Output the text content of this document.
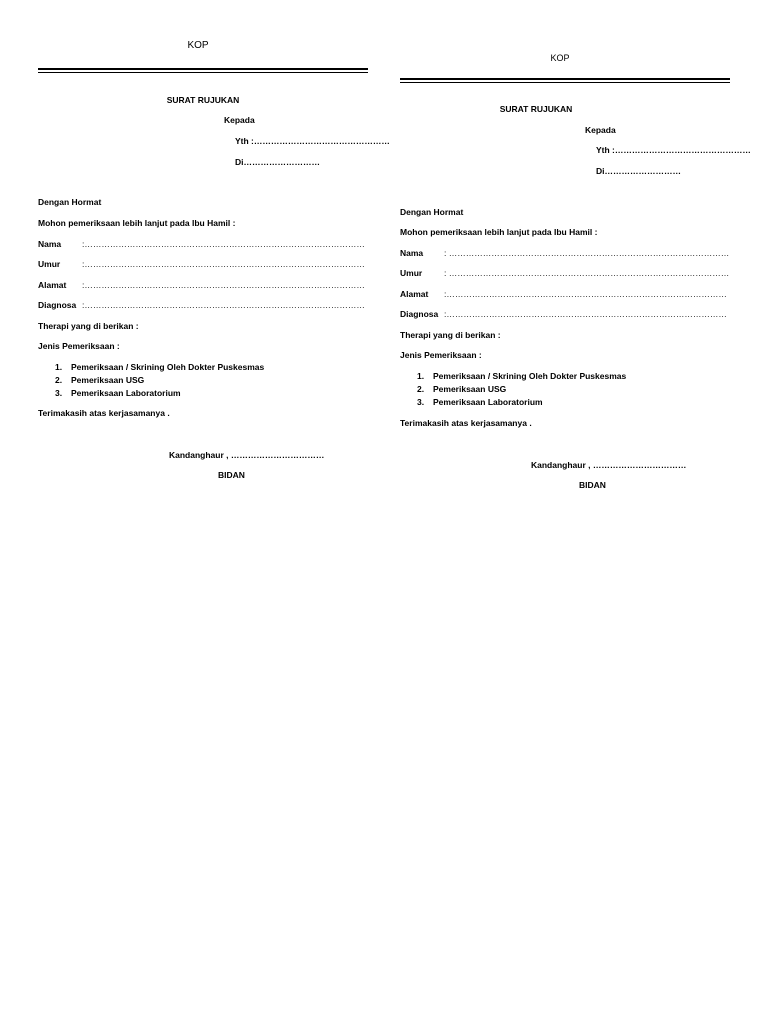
KOP
SURAT RUJUKAN
Kepada
Yth :…………………………………………
Di………………………
Dengan Hormat
Mohon pemeriksaan lebih lanjut pada Ibu Hamil :
Nama :………………………………………………………………………………………
Umur	:………………………………………………………………………………………
Alamat :………………………………………………………………………………………
Diagnosa :………………………………………………………………………………………
Therapi yang di berikan :
Jenis Pemeriksaan :
1. Pemeriksaan / Skrining Oleh Dokter Puskesmas
2. Pemeriksaan USG
3. Pemeriksaan Laboratorium
Terimakasih atas kerjasamanya .
Kandanghaur , ……………………………
BIDAN
KOP
SURAT RUJUKAN
Kepada
Yth :…………………………………………
Di………………………
Dengan Hormat
Mohon pemeriksaan lebih lanjut pada Ibu Hamil :
Nama : ………………………………………………………………………………………
Umur	: ………………………………………………………………………………………
Alamat :………………………………………………………………………………………
Diagnosa :………………………………………………………………………………………
Therapi yang di berikan :
Jenis Pemeriksaan :
1. Pemeriksaan / Skrining Oleh Dokter Puskesmas
2. Pemeriksaan USG
3. Pemeriksaan Laboratorium
Terimakasih atas kerjasamanya .
Kandanghaur , ……………………………
BIDAN
